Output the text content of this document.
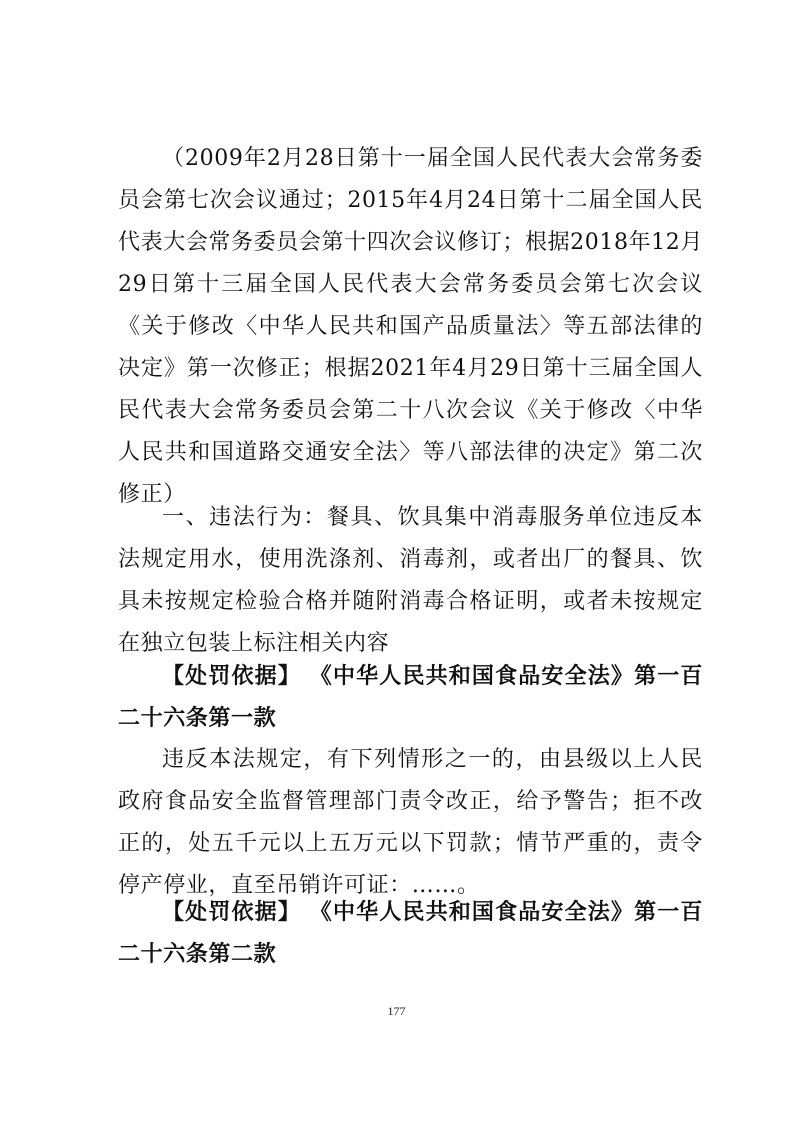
（2009年2月28日第十一届全国人民代表大会常务委员会第七次会议通过；2015年4月24日第十二届全国人民代表大会常务委员会第十四次会议修订；根据2018年12月29日第十三届全国人民代表大会常务委员会第七次会议《关于修改〈中华人民共和国产品质量法〉等五部法律的决定》第一次修正；根据2021年4月29日第十三届全国人民代表大会常务委员会第二十八次会议《关于修改〈中华人民共和国道路交通安全法〉等八部法律的决定》第二次修正）

一、违法行为：餐具、饮具集中消毒服务单位违反本法规定用水，使用洗涤剂、消毒剂，或者出厂的餐具、饮具未按规定检验合格并随附消毒合格证明，或者未按规定在独立包装上标注相关内容

【处罚依据】 《中华人民共和国食品安全法》第一百二十六条第一款

违反本法规定，有下列情形之一的，由县级以上人民政府食品安全监督管理部门责令改正，给予警告；拒不改正的，处五千元以上五万元以下罚款；情节严重的，责令停产停业，直至吊销许可证：……。

【处罚依据】 《中华人民共和国食品安全法》第一百二十六条第二款

177
